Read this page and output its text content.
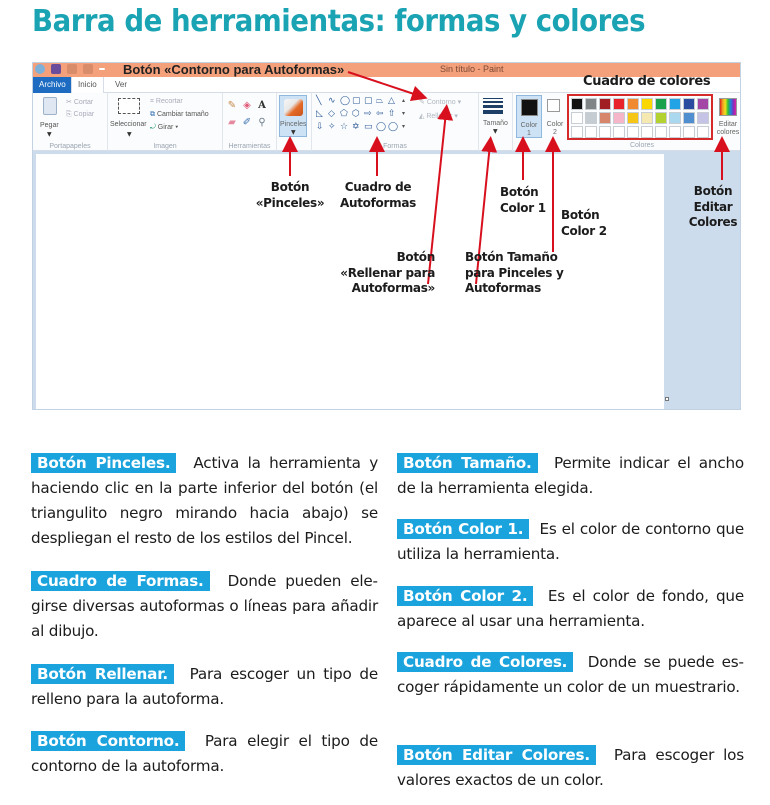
Barra de herramientas: formas y colores
Botón «Contorno para Autoformas»	Sin título - Paint
Archivo	Inicio	Ver
Pegar
▼
✂ Cortar
⎘ Copiar
Portapapeles
Seleccionar
▼
⌗ Recortar
⧉ Cambiar tamaño
⤾ Girar ▾
Imagen
✎ ◈ A
▰ ✐ ⚲
Herramientas
Pinceles
▼
Formas
╲ ∿ ◯ ▢ ▢ ⏢ △
◺ ◇ ⬠ ⬡ ⇨ ⇦ ⇧
⇩ ✧ ☆ ✡ ▭ ◯ ◯
▴
▾
▾
✎ Contorno ▾
◭ Rellenar ▾
Tamaño
▼
Color
1
Color
2
Colores
Editar
colores
Cuadro de colores
Botón
«Pinceles»
Cuadro de
Autoformas
Botón
Color 1
Botón
Color 2
Botón
Editar
Colores
Botón
«Rellenar para
Autoformas»
Botón Tamaño
para Pinceles y
Autoformas
Botón Pinceles. Activa la herramienta y haciendo clic en la parte inferior del botón (el triangulito negro mirando hacia abajo) se despliegan el resto de los estilos del Pincel.
Cuadro de Formas. Donde pueden elegirse diversas autoformas o líneas para añadir al dibujo.
Botón Rellenar. Para escoger un tipo de relleno para la autoforma.
Botón Contorno. Para elegir el tipo de contorno de la autoforma.
Botón Tamaño. Permite indicar el ancho de la herramienta elegida.
Botón Color 1. Es el color de contorno que utiliza la herramienta.
Botón Color 2. Es el color de fondo, que aparece al usar una herramienta.
Cuadro de Colores. Donde se puede escoger rápidamente un color de un muestrario.
Botón Editar Colores. Para escoger los valores exactos de un color.
